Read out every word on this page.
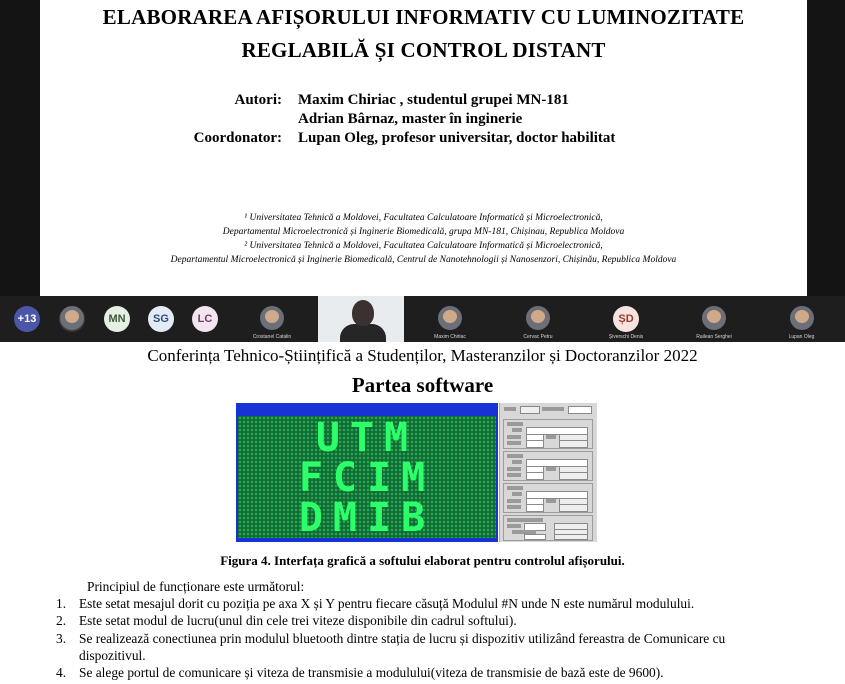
ELABORAREA AFIȘORULUI INFORMATIV CU LUMINOZITATE
REGLABILĂ ȘI CONTROL DISTANT
Autori: Maxim Chiriac , studentul grupei MN-181
Adrian Bârnaz, master în inginerie
Coordonator: Lupan Oleg, profesor universitar, doctor habilitat
¹ Universitatea Tehnică a Moldovei, Facultatea Calculatoare Informatică și Microelectronică,
Departamentul Microelectronică și Inginerie Biomedicală, grupa MN-181, Chișinau, Republica Moldova
² Universitatea Tehnică a Moldovei, Facultatea Calculatoare Informatică și Microelectronică,
Departamentul Microelectronică și Inginerie Biomedicală, Centrul de Nanotehnologii și Nanosenzori, Chișinău, Republica Moldova
+13	MN	SG	LC
Crostanel Catalin	Maxim Chiriac	Cervac Petru
ȘD
Șiverschi Denis	Railean Serghei	Lupan Oleg
Conferința Tehnico-Științifică a Studenților, Masteranzilor și Doctoranzilor 2022
Partea software
UTM
FCIM
DMIB
Figura 4. Interfața grafică a softului elaborat pentru controlul afișorului.
Principiul de funcționare este următorul:
1. Este setat mesajul dorit cu poziția pe axa X și Y pentru fiecare căsuță Modulul #N unde N este numărul modulului.
2. Este setat modul de lucru(unul din cele trei viteze disponibile din cadrul softului).
3. Se realizează conectiunea prin modulul bluetooth dintre stația de lucru și dispozitiv utilizând fereastra de Comunicare cu
dispozitivul.
4. Se alege portul de comunicare și viteza de transmisie a modulului(viteza de transmisie de bază este de 9600).
